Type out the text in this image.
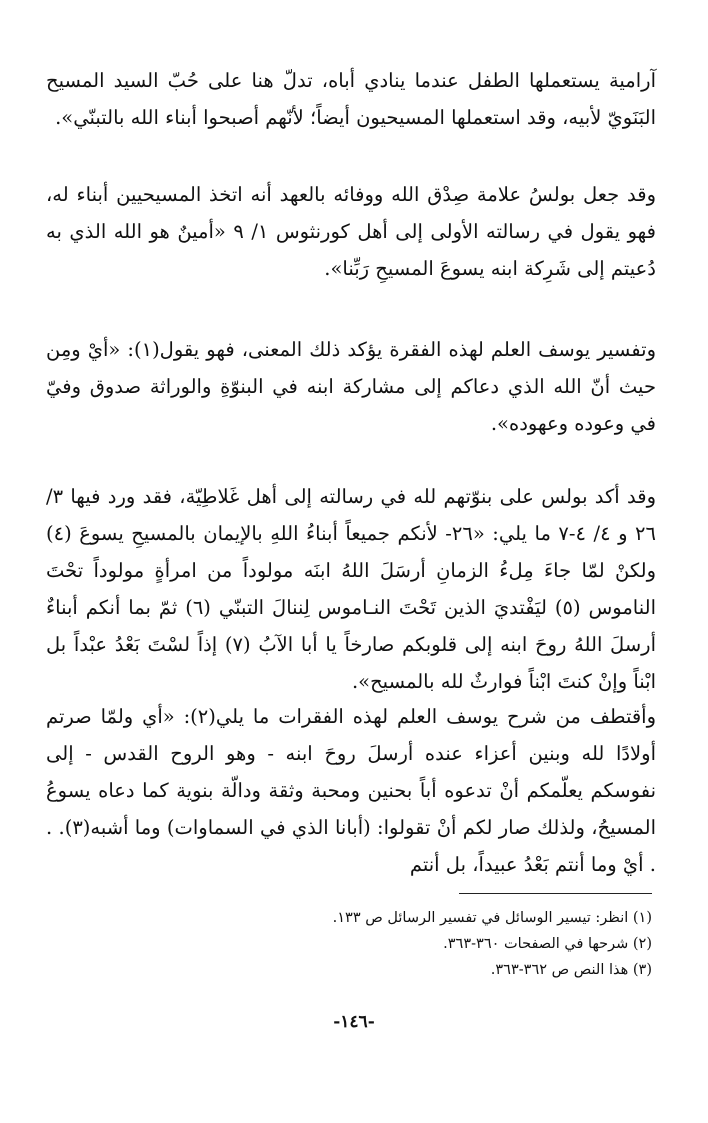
آرامية يستعملها الطفل عندما ينادي أباه، تدلّ هنا على حُبّ السيد المسيح البَنَويّ لأبيه، وقد استعملها المسيحيون أيضاً؛ لأنّهم أصبحوا أبناء الله بالتبنّي».

وقد جعل بولسُ علامة صِدْق الله ووفائه بالعهد أنه اتخذ المسيحيين أبناء له، فهو يقول في رسالته الأولى إلى أهل كورنثوس ١/ ٩ «أمينٌ هو الله الذي به دُعيتم إلى شَرِكة ابنه يسوعَ المسيحِ رَبِّنا».

وتفسير يوسف العلم لهذه الفقرة يؤكد ذلك المعنى، فهو يقول(١): «أيْ ومِن حيث أنّ الله الذي دعاكم إلى مشاركة ابنه في البنوّةِ والوراثة صدوق وفيّ في وعوده وعهوده».

وقد أكد بولس على بنوّتهم لله في رسالته إلى أهل غَلاطِيّة، فقد ورد فيها ٣/ ٢٦ و ٤/ ٤-٧ ما يلي: «٢٦- لأنكم جميعاً أبناءُ اللهِ بالإيمان بالمسيحِ يسوعَ (٤) ولكنْ لمّا جاءَ مِلءُ الزمانِ أرسَلَ اللهُ ابنَه مولوداً من امرأةٍ مولوداً تحْتَ الناموس (٥) ليَفْتديَ الذين تَحْتَ النـاموس لِننالَ التبنّي (٦) ثمّ بما أنكم أبناءٌ أرسلَ اللهُ روحَ ابنه إلى قلوبكم صارخاً يا أبا الآبُ (٧) إذاً لسْتَ بَعْدُ عبْداً بل ابْناً وإنْ كنتَ ابْناً فوارثٌ لله بالمسيح».

وأقتطف من شرح يوسف العلم لهذه الفقرات ما يلي(٢): «أي ولمّا صرتم أولادًا لله وبنين أعزاء عنده أرسلَ روحَ ابنه - وهو الروح القدس - إلى نفوسكم يعلّمكم أنْ تدعوه أباً بحنين ومحبة وثقة ودالّة بنوية كما دعاه يسوعُ المسيحُ، ولذلك صار لكم أنْ تقولوا: (أبانا الذي في السماوات) وما أشبه(٣). . . أيْ وما أنتم بَعْدُ عبيداً، بل أنتم

(١) انظر: تيسير الوسائل في تفسير الرسائل ص ١٣٣.
(٢) شرحها في الصفحات ٣٦٠-٣٦٣.
(٣) هذا النص ص ٣٦٢-٣٦٣.
-١٤٦-
